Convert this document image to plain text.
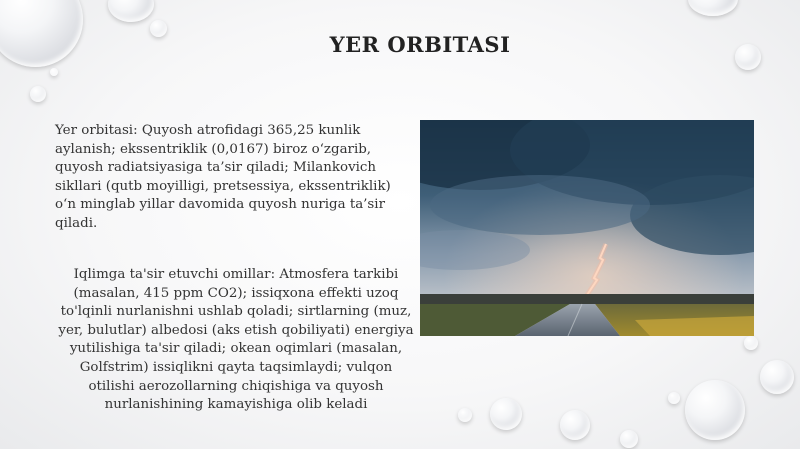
YER ORBITASI
Yer orbitasi: Quyosh atrofidagi 365,25 kunlik aylanish; ekssentriklik (0,0167) biroz o‘zgarib, quyosh radiatsiyasiga ta’sir qiladi; Milankovich sikllari (qutb moyilligi, pretsessiya, ekssentriklik) o‘n minglab yillar davomida quyosh nuriga ta’sir qiladi.
Iqlimga ta'sir etuvchi omillar: Atmosfera tarkibi (masalan, 415 ppm CO2); issiqxona effekti uzoq to'lqinli nurlanishni ushlab qoladi; sirtlarning (muz, yer, bulutlar) albedosi (aks etish qobiliyati) energiya yutilishiga ta'sir qiladi; okean oqimlari (masalan, Golfstrim) issiqlikni qayta taqsimlaydi; vulqon otilishi aerozollarning chiqishiga va quyosh nurlanishining kamayishiga olib keladi
